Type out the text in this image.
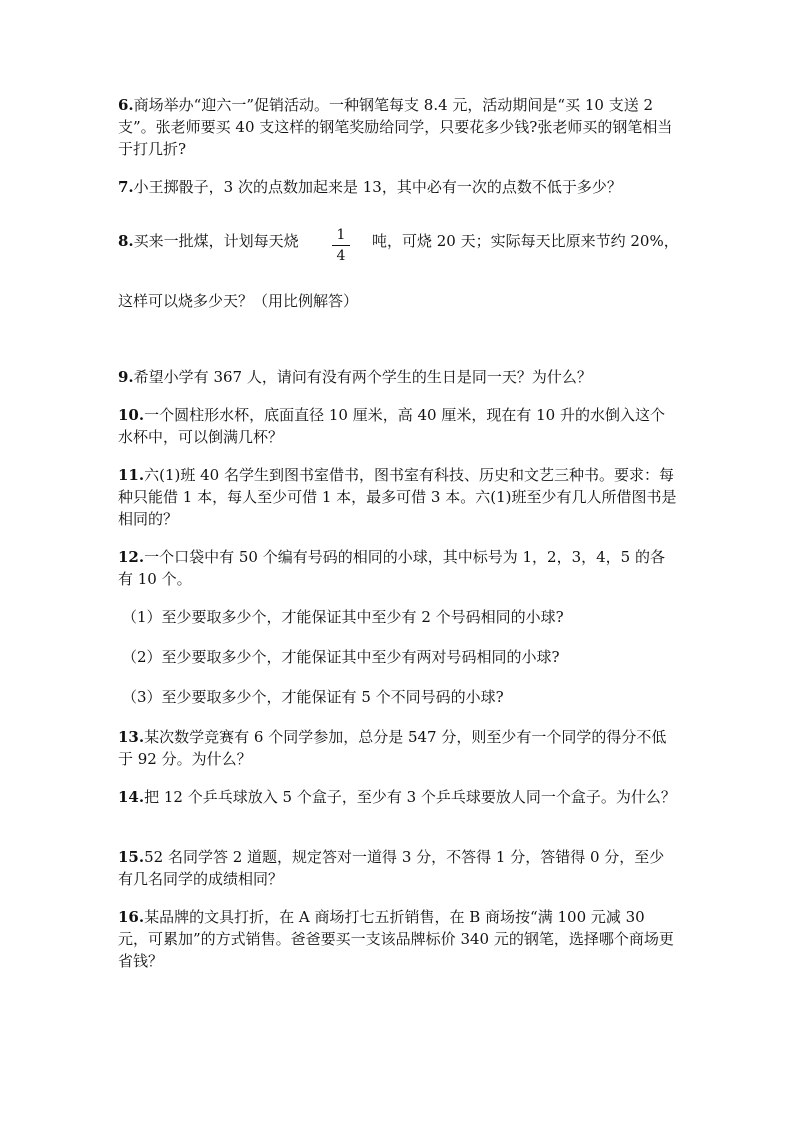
6.商场举办“迎六一”促销活动。一种钢笔每支 8.4 元，活动期间是“买 10 支送 2 支”。张老师要买 40 支这样的钢笔奖励给同学，只要花多少钱?张老师买的钢笔相当于打几折?
7.小王掷骰子，3 次的点数加起来是 13，其中必有一次的点数不低于多少？
8.买来一批煤，计划每天烧	1
4
吨，可烧 20 天；实际每天比原来节约 20%，
这样可以烧多少天？（用比例解答）
9.希望小学有 367 人，请问有没有两个学生的生日是同一天？为什么？
10.一个圆柱形水杯，底面直径 10 厘米，高 40 厘米，现在有 10 升的水倒入这个水杯中，可以倒满几杯？
11.六(1)班 40 名学生到图书室借书，图书室有科技、历史和文艺三种书。要求：每种只能借 1 本，每人至少可借 1 本，最多可借 3 本。六(1)班至少有几人所借图书是相同的？
12.一个口袋中有 50 个编有号码的相同的小球，其中标号为 1，2，3，4，5 的各有 10 个。
（1）至少要取多少个，才能保证其中至少有 2 个号码相同的小球?
（2）至少要取多少个，才能保证其中至少有两对号码相同的小球?
（3）至少要取多少个，才能保证有 5 个不同号码的小球?
13.某次数学竞赛有 6 个同学参加，总分是 547 分，则至少有一个同学的得分不低于 92 分。为什么？
14.把 12 个乒乓球放入 5 个盒子，至少有 3 个乒乓球要放人同一个盒子。为什么？
15.52 名同学答 2 道题，规定答对一道得 3 分，不答得 1 分，答错得 0 分，至少有几名同学的成绩相同？
16.某品牌的文具打折，在 A 商场打七五折销售，在 B 商场按“满 100 元减 30 元，可累加”的方式销售。爸爸要买一支该品牌标价 340 元的钢笔，选择哪个商场更省钱？
